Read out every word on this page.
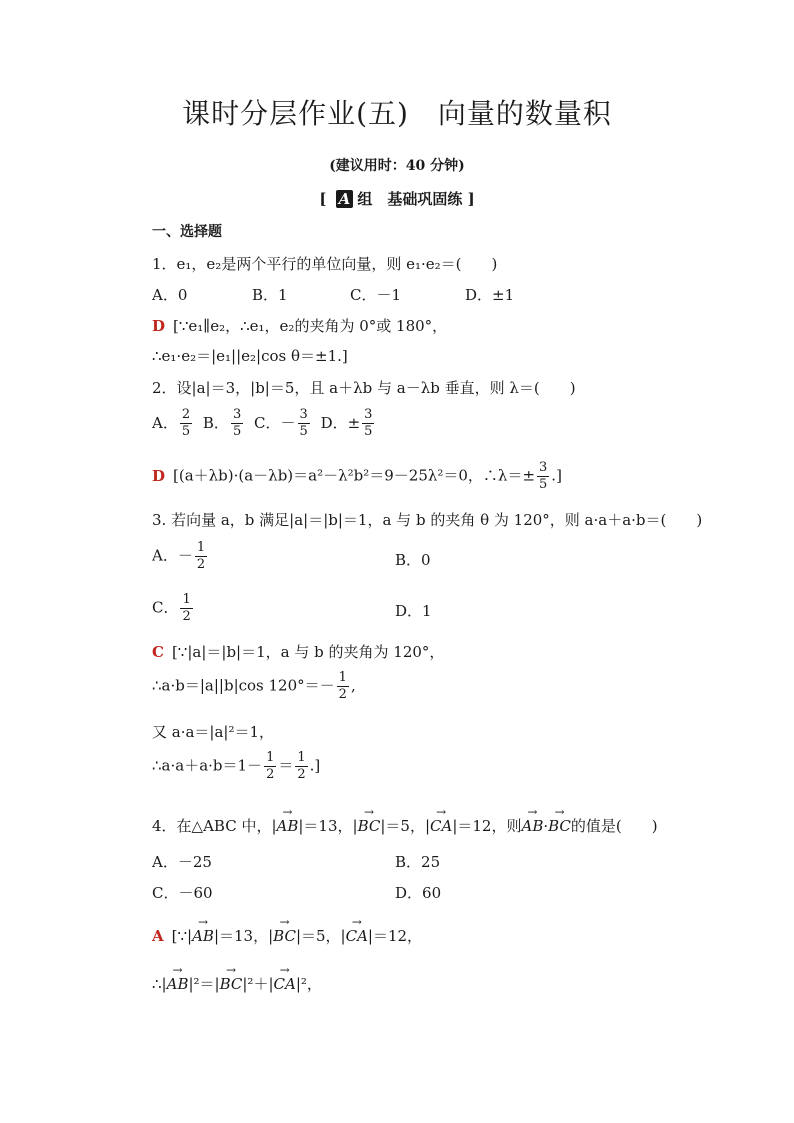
课时分层作业(五)　向量的数量积
(建议用时：40 分钟)
[ A 组　基础巩固练 ]
一、选择题
1．e₁，e₂是两个平行的单位向量，则 e₁·e₂＝(　　)
A．0	B．1	C．－1	D．±1
D [∵e₁∥e₂，∴e₁，e₂的夹角为 0°或 180°，
∴e₁·e₂＝|e₁||e₂|cos θ＝±1.]
2．设|a|＝3，|b|＝5，且 a＋λb 与 a－λb 垂直，则 λ＝(　　)
A． $\frac{2}{5}$ B． $\frac{3}{5}$ C．－ $\frac{3}{5}$ D．± $\frac{3}{5}$
D [(a＋λb)·(a－λb)＝a²－λ²b²＝9－25λ²＝0，∴λ＝± $\frac{3}{5}$ .]
3. 若向量 a，b 满足|a|＝|b|＝1，a 与 b 的夹角 θ 为 120°，则 a·a＋a·b＝(　　)
A．－ $\frac{1}{2}$	B．0
C． $\frac{1}{2}$	D．1
C [∵|a|＝|b|＝1，a 与 b 的夹角为 120°，
∴a·b＝|a||b|cos $120^\circ=- \frac{1}{2}$ ,
又 a·a＝|a|²＝1，
∴a·a＋a·b＝1－ $\frac{1}{2} = \frac{1}{2}$ .]
4．在△ABC 中，|→ AB|＝13，|→ BC|＝5，|→ CA|＝12，则→ AB·→ BC的值是(　　)
A．－25	B．25
C．－60	D．60
A [∵|→ AB|＝13，|→ BC|＝5，|→ CA|＝12，
∴|→ AB|²＝|→ BC|²＋|→ CA|²，
